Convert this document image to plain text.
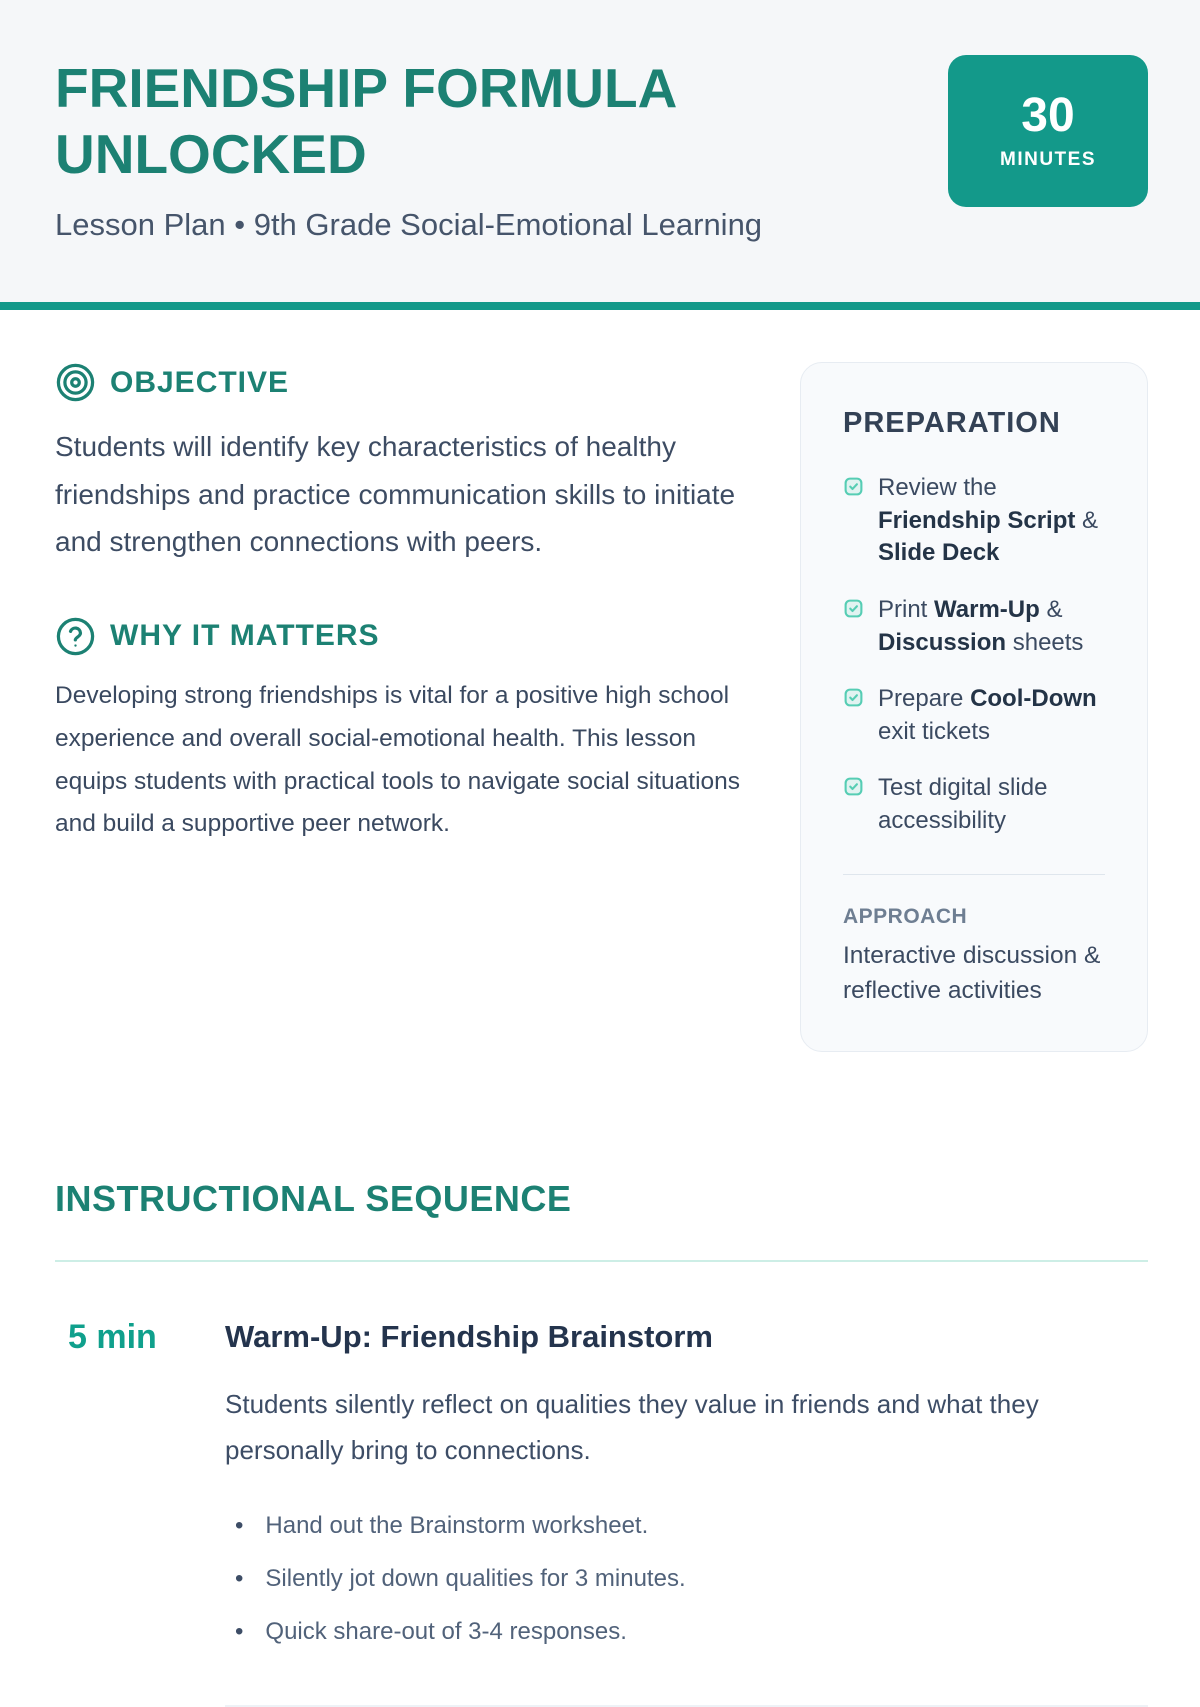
FRIENDSHIP FORMULA UNLOCKED

Lesson Plan • 9th Grade Social-Emotional Learning

30
MINUTES
OBJECTIVE

Students will identify key characteristics of healthy friendships and practice communication skills to initiate and strengthen connections with peers.

WHY IT MATTERS

Developing strong friendships is vital for a positive high school experience and overall social-emotional health. This lesson equips students with practical tools to navigate social situations and build a supportive peer network.

PREPARATION
Review the Friendship Script & Slide Deck
Print Warm-Up & Discussion sheets
Prepare Cool-Down exit tickets
Test digital slide accessibility
APPROACH
Interactive discussion & reflective activities
INSTRUCTIONAL SEQUENCE
5 min	Warm-Up: Friendship Brainstorm

Students silently reflect on qualities they value in friends and what they personally bring to connections.

• Hand out the Brainstorm worksheet.
• Silently jot down qualities for 3 minutes.
• Quick share-out of 3-4 responses.
